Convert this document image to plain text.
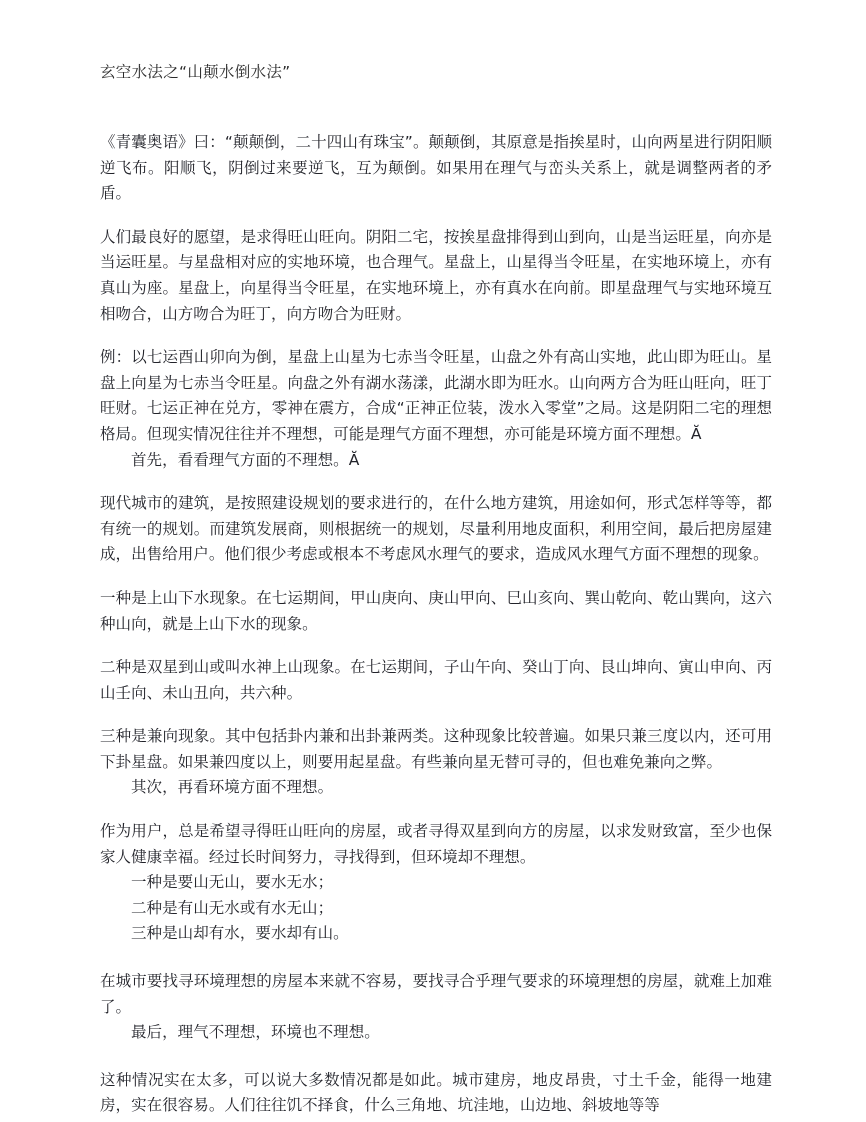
玄空水法之“山颠水倒水法”

《青囊奥语》曰：“颠颠倒，二十四山有珠宝”。颠颠倒，其原意是指挨星时，山向两星进行阴阳顺逆飞布。阳顺飞，阴倒过来要逆飞，互为颠倒。如果用在理气与峦头关系上，就是调整两者的矛盾。

人们最良好的愿望，是求得旺山旺向。阴阳二宅，按挨星盘排得到山到向，山是当运旺星，向亦是当运旺星。与星盘相对应的实地环境，也合理气。星盘上，山星得当令旺星，在实地环境上，亦有真山为座。星盘上，向星得当令旺星，在实地环境上，亦有真水在向前。即星盘理气与实地环境互相吻合，山方吻合为旺丁，向方吻合为旺财。

例：以七运酉山卯向为倒，星盘上山星为七赤当令旺星，山盘之外有高山实地，此山即为旺山。星盘上向星为七赤当令旺星。向盘之外有湖水荡漾，此湖水即为旺水。山向两方合为旺山旺向，旺丁旺财。七运正神在兑方，零神在震方，合成“正神正位装，泼水入零堂”之局。这是阴阳二宅的理想格局。但现实情况往往并不理想，可能是理气方面不理想，亦可能是环境方面不理想。Ă

首先，看看理气方面的不理想。Ă

现代城市的建筑，是按照建设规划的要求进行的，在什么地方建筑，用途如何，形式怎样等等，都有统一的规划。而建筑发展商，则根据统一的规划，尽量利用地皮面积，利用空间，最后把房屋建成，出售给用户。他们很少考虑或根本不考虑风水理气的要求，造成风水理气方面不理想的现象。

一种是上山下水现象。在七运期间，甲山庚向、庚山甲向、巳山亥向、巽山乾向、乾山巽向，这六种山向，就是上山下水的现象。

二种是双星到山或叫水神上山现象。在七运期间，子山午向、癸山丁向、艮山坤向、寅山申向、丙山壬向、未山丑向，共六种。

三种是兼向现象。其中包括卦内兼和出卦兼两类。这种现象比较普遍。如果只兼三度以内，还可用下卦星盘。如果兼四度以上，则要用起星盘。有些兼向星无替可寻的，但也难免兼向之弊。

其次，再看环境方面不理想。

作为用户，总是希望寻得旺山旺向的房屋，或者寻得双星到向方的房屋，以求发财致富，至少也保家人健康幸福。经过长时间努力，寻找得到，但环境却不理想。

一种是要山无山，要水无水；

二种是有山无水或有水无山；

三种是山却有水，要水却有山。

在城市要找寻环境理想的房屋本来就不容易，要找寻合乎理气要求的环境理想的房屋，就难上加难了。

最后，理气不理想，环境也不理想。

这种情况实在太多，可以说大多数情况都是如此。城市建房，地皮昂贵，寸土千金，能得一地建房，实在很容易。人们往往饥不择食，什么三角地、坑洼地，山边地、斜坡地等等
